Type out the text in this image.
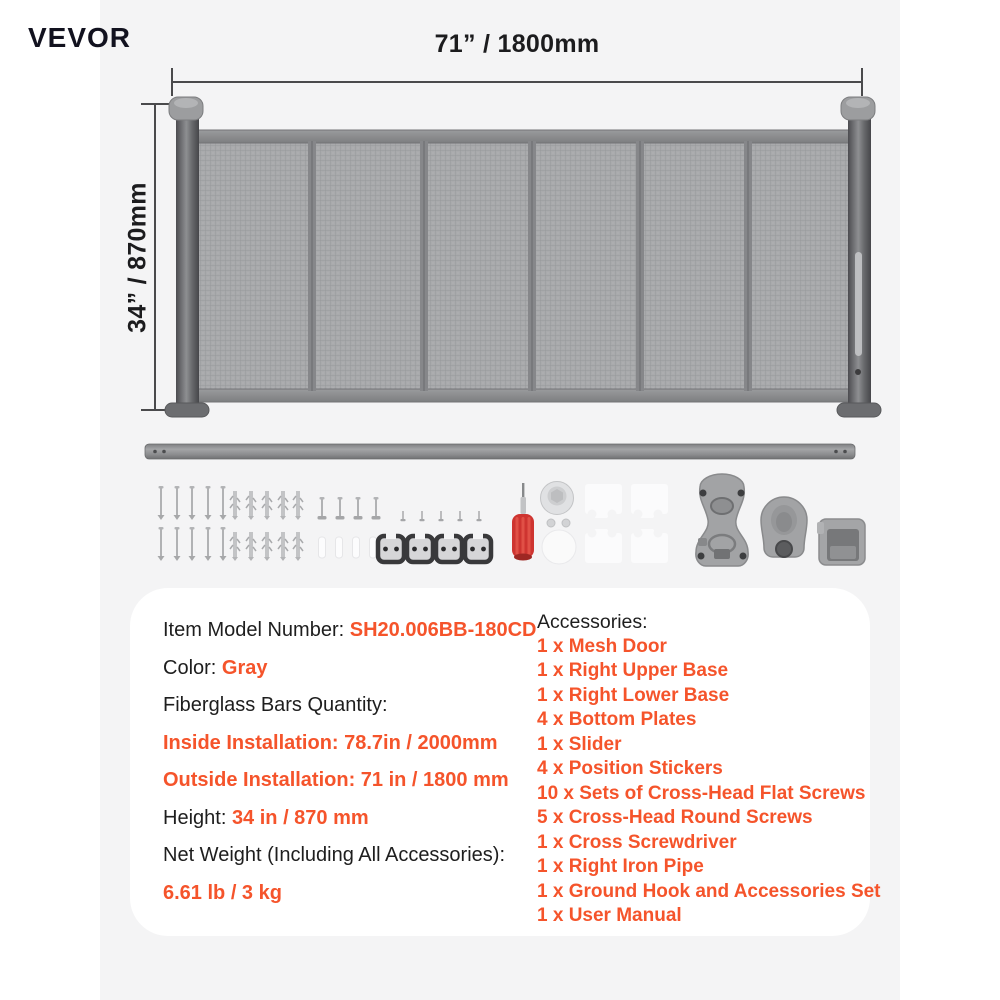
VEVOR	71” / 1800mm
34” / 870mm
Item Model Number: SH20.006BB-180CD
Color: Gray
Fiberglass Bars Quantity:
Inside Installation: 78.7in / 2000mm
Outside Installation: 71 in / 1800 mm
Height: 34 in / 870 mm
Net Weight (Including All Accessories):
6.61 lb / 3 kg
Accessories:
1 x Mesh Door
1 x Right Upper Base
1 x Right Lower Base
4 x Bottom Plates
1 x Slider
4 x Position Stickers
10 x Sets of Cross-Head Flat Screws
5 x Cross-Head Round Screws
1 x Cross Screwdriver
1 x Right Iron Pipe
1 x Ground Hook and Accessories Set
1 x User Manual
